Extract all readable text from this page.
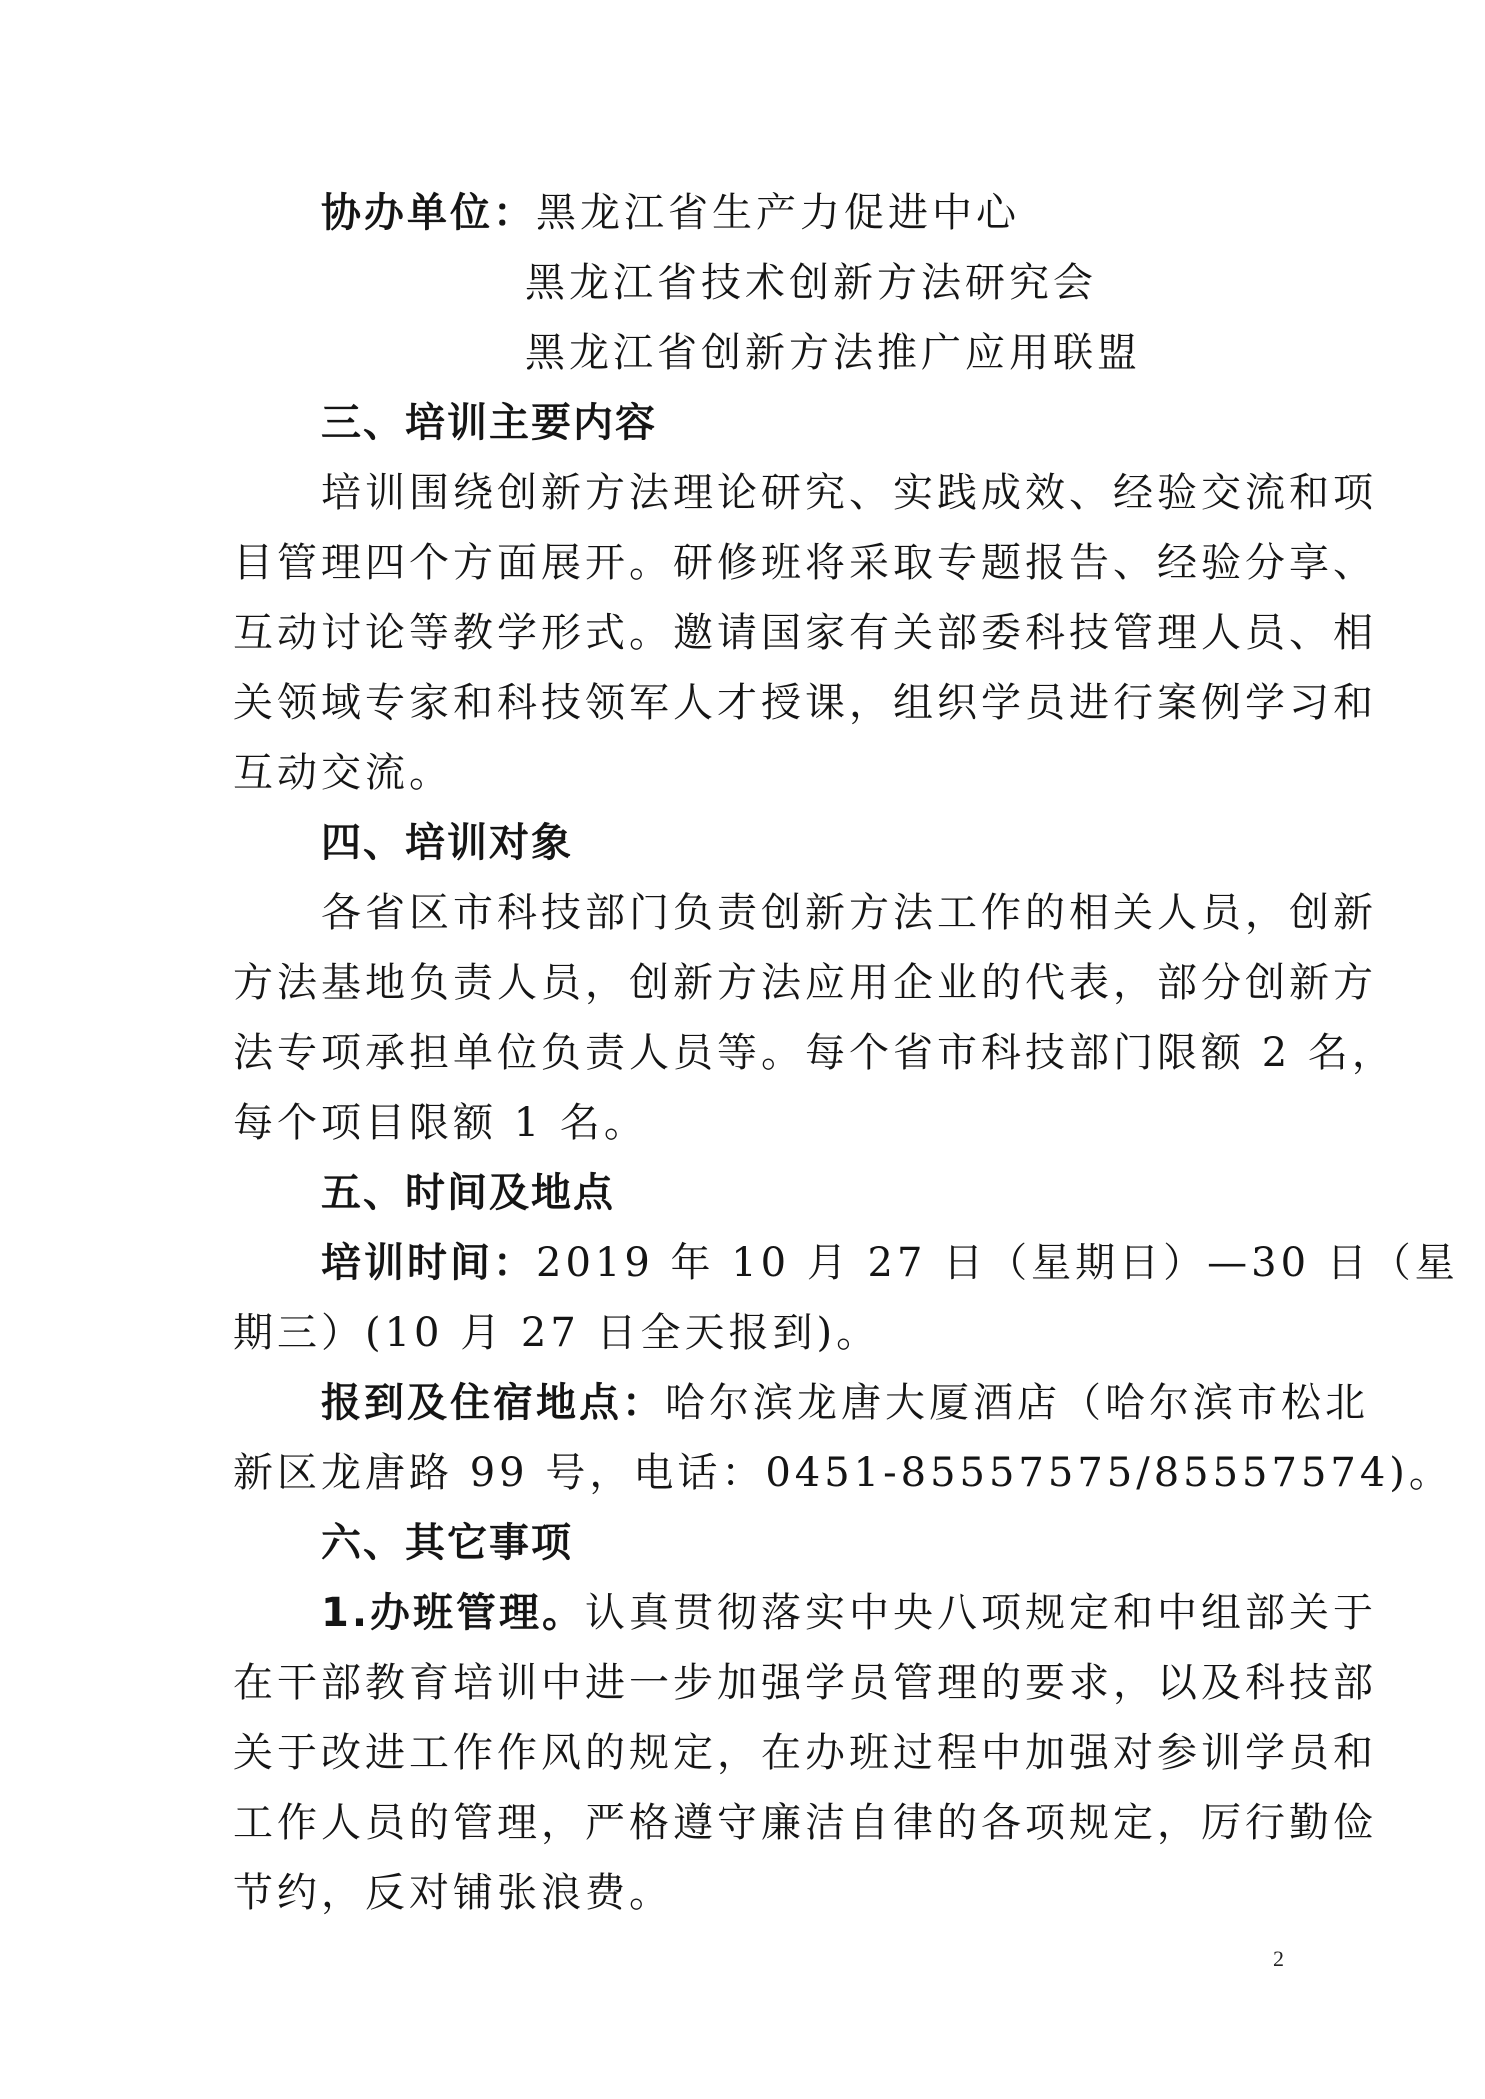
协办单位：黑龙江省生产力促进中心
黑龙江省技术创新方法研究会
黑龙江省创新方法推广应用联盟
三、培训主要内容
培训围绕创新方法理论研究、实践成效、经验交流和项
目管理四个方面展开。研修班将采取专题报告、经验分享、
互动讨论等教学形式。邀请国家有关部委科技管理人员、相
关领域专家和科技领军人才授课，组织学员进行案例学习和
互动交流。
四、培训对象
各省区市科技部门负责创新方法工作的相关人员，创新
方法基地负责人员，创新方法应用企业的代表，部分创新方
法专项承担单位负责人员等。每个省市科技部门限额 2 名，
每个项目限额 1 名。
五、时间及地点
培训时间：2019 年 10 月 27 日（星期日）—30 日（星
期三）(10 月 27 日全天报到)。
报到及住宿地点：哈尔滨龙唐大厦酒店（哈尔滨市松北
新区龙唐路 99 号，电话：0451-85557575/85557574)。
六、其它事项
1.办班管理。认真贯彻落实中央八项规定和中组部关于
在干部教育培训中进一步加强学员管理的要求，以及科技部
关于改进工作作风的规定，在办班过程中加强对参训学员和
工作人员的管理，严格遵守廉洁自律的各项规定，厉行勤俭
节约，反对铺张浪费。
2
